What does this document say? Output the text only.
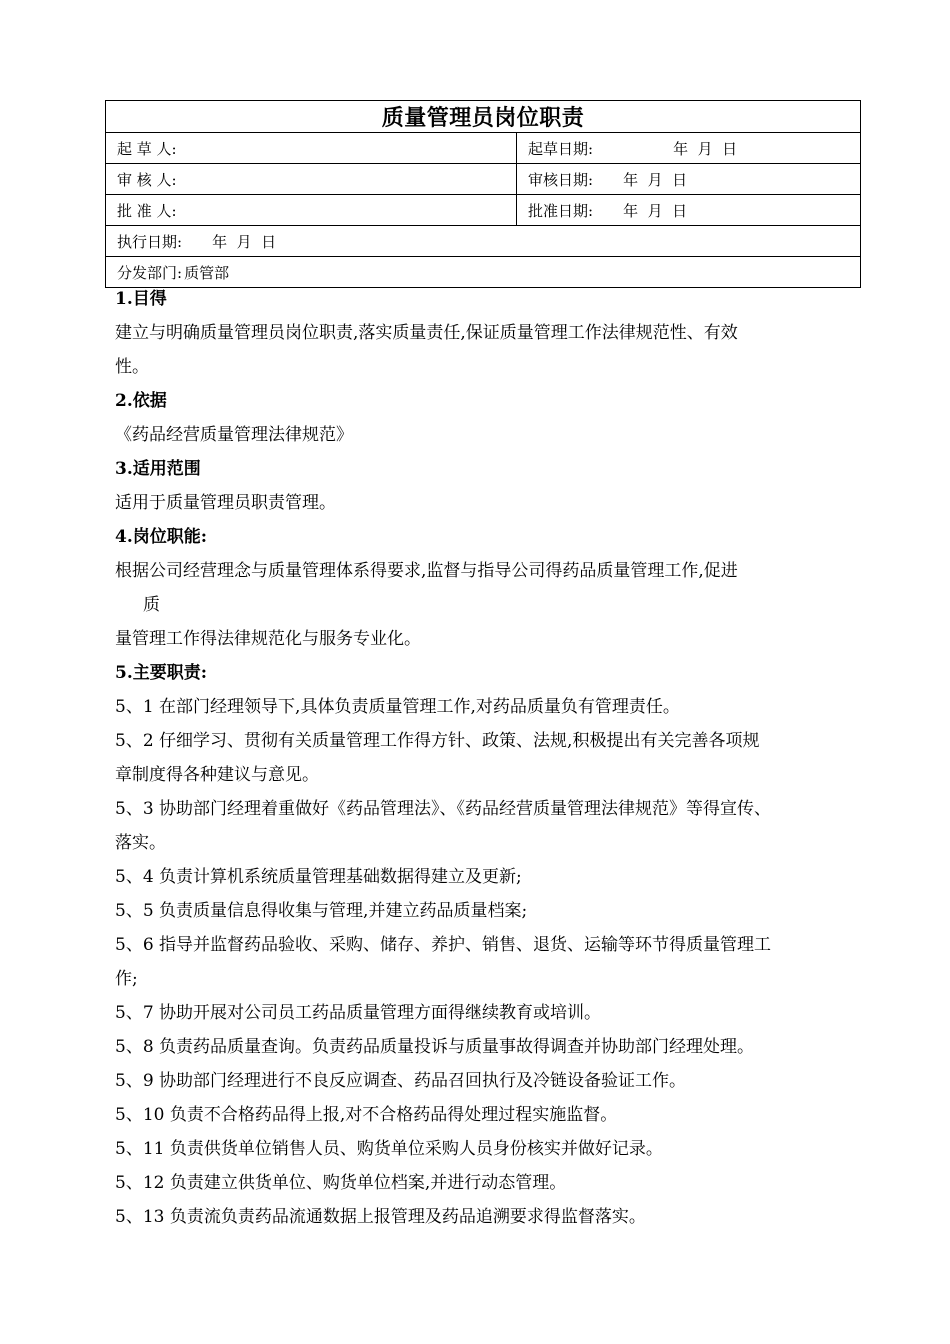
质量管理员岗位职责	
起 草 人:	起草日期: 年  月  日
审 核 人:	审核日期: 年  月  日
批 准 人:	批准日期: 年  月  日
执行日期: 年  月  日	
分发部门: 质管部	
1.目得
建立与明确质量管理员岗位职责,落实质量责任,保证质量管理工作法律规范性、有效
性。
2.依据
《药品经营质量管理法律规范》
3.适用范围
适用于质量管理员职责管理。
4.岗位职能:
根据公司经营理念与质量管理体系得要求,监督与指导公司得药品质量管理工作,促进
质
量管理工作得法律规范化与服务专业化。
5.主要职责:
5、1 在部门经理领导下,具体负责质量管理工作,对药品质量负有管理责任。
5、2 仔细学习、贯彻有关质量管理工作得方针、政策、法规,积极提出有关完善各项规
章制度得各种建议与意见。
5、3 协助部门经理着重做好《药品管理法》、《药品经营质量管理法律规范》等得宣传、
落实。
5、4 负责计算机系统质量管理基础数据得建立及更新;
5、5 负责质量信息得收集与管理,并建立药品质量档案;
5、6 指导并监督药品验收、采购、储存、养护、销售、退货、运输等环节得质量管理工
作;
5、7 协助开展对公司员工药品质量管理方面得继续教育或培训。
5、8 负责药品质量查询。负责药品质量投诉与质量事故得调查并协助部门经理处理。
5、9 协助部门经理进行不良反应调查、药品召回执行及冷链设备验证工作。
5、10 负责不合格药品得上报,对不合格药品得处理过程实施监督。
5、11 负责供货单位销售人员、购货单位采购人员身份核实并做好记录。
5、12 负责建立供货单位、购货单位档案,并进行动态管理。
5、13 负责流负责药品流通数据上报管理及药品追溯要求得监督落实。
